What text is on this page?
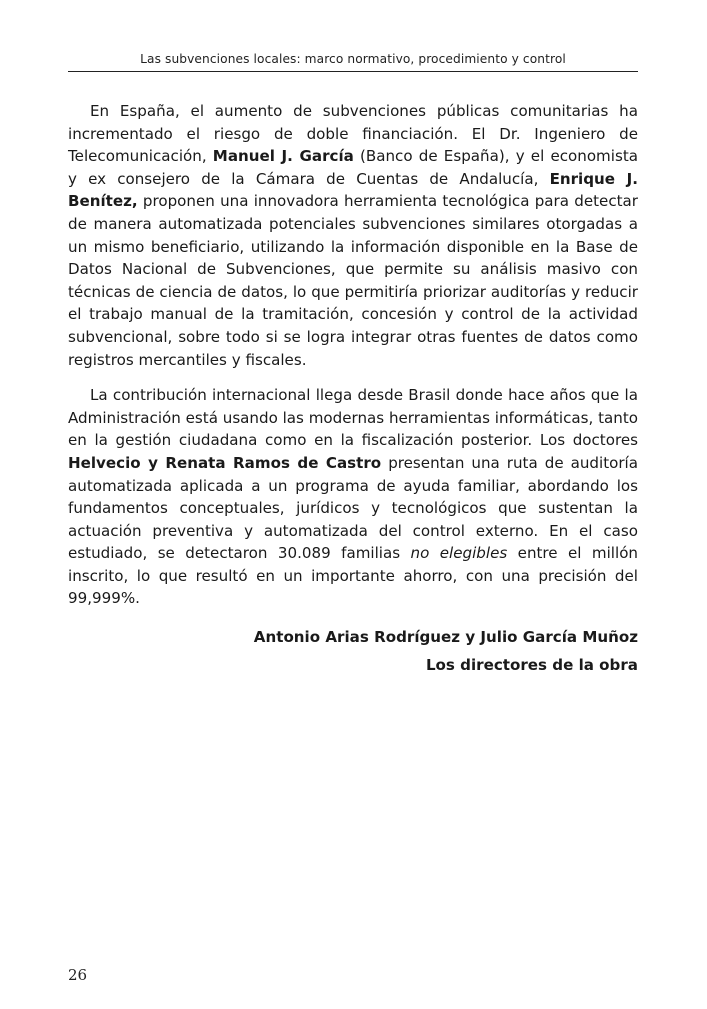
Las subvenciones locales: marco normativo, procedimiento y control

En España, el aumento de subvenciones públicas comunitarias ha incrementado el riesgo de doble financiación. El Dr. Ingeniero de Telecomunicación, Manuel J. García (Banco de España), y el economista y ex consejero de la Cámara de Cuentas de Andalucía, Enrique J. Benítez, proponen una innovadora herramienta tecnológica para detectar de manera automatizada potenciales subvenciones similares otorgadas a un mismo beneficiario, utilizando la información disponible en la Base de Datos Nacional de Subvenciones, que permite su análisis masivo con técnicas de ciencia de datos, lo que permitiría priorizar auditorías y reducir el trabajo manual de la tramitación, concesión y control de la actividad subvencional, sobre todo si se logra integrar otras fuentes de datos como registros mercantiles y fiscales.

La contribución internacional llega desde Brasil donde hace años que la Administración está usando las modernas herramientas informáticas, tanto en la gestión ciudadana como en la fiscalización posterior. Los doctores Helvecio y Renata Ramos de Castro presentan una ruta de auditoría automatizada aplicada a un programa de ayuda familiar, abordando los fundamentos conceptuales, jurídicos y tecnológicos que sustentan la actuación preventiva y automatizada del control externo. En el caso estudiado, se detectaron 30.089 familias no elegibles entre el millón inscrito, lo que resultó en un importante ahorro, con una precisión del 99,999%.

Antonio Arias Rodríguez y Julio García Muñoz

Los directores de la obra

26
